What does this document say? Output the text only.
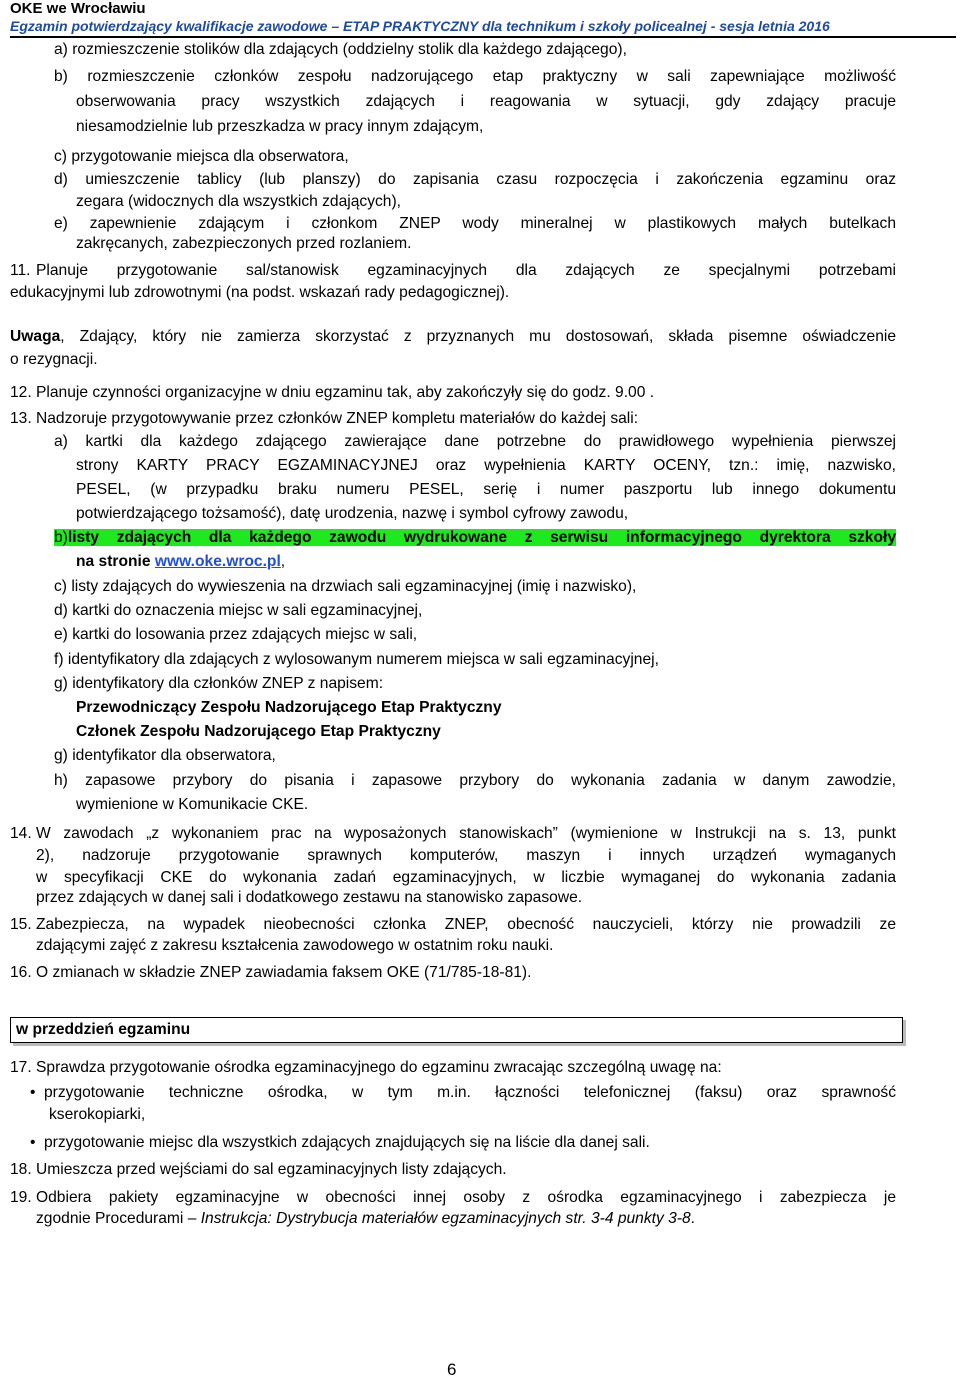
OKE we Wrocławiu
Egzamin potwierdzający kwalifikacje zawodowe – ETAP PRAKTYCZNY dla technikum i szkoły policealnej - sesja letnia 2016
a) rozmieszczenie stolików dla zdających (oddzielny stolik dla każdego zdającego),
b) rozmieszczenie członków zespołu nadzorującego etap praktyczny w sali zapewniające możliwość
obserwowania pracy wszystkich zdających i reagowania w sytuacji, gdy zdający pracuje
niesamodzielnie lub przeszkadza w pracy innym zdającym,
c) przygotowanie miejsca dla obserwatora,
d) umieszczenie tablicy (lub planszy) do zapisania czasu rozpoczęcia i zakończenia egzaminu oraz
zegara (widocznych dla wszystkich zdających),
e) zapewnienie zdającym i członkom ZNEP wody mineralnej w plastikowych małych butelkach
zakręcanych, zabezpieczonych przed rozlaniem.
11. Planuje przygotowanie sal/stanowisk egzaminacyjnych dla zdających ze specjalnymi potrzebami
edukacyjnymi lub zdrowotnymi (na podst. wskazań rady pedagogicznej).
Uwaga, Zdający, który nie zamierza skorzystać z przyznanych mu dostosowań, składa pisemne oświadczenie
o rezygnacji.
12. Planuje czynności organizacyjne w dniu egzaminu tak, aby zakończyły się do godz. 9.00 .
13. Nadzoruje przygotowywanie przez członków ZNEP kompletu materiałów do każdej sali:
a) kartki dla każdego zdającego zawierające dane potrzebne do prawidłowego wypełnienia pierwszej
strony KARTY PRACY EGZAMINACYJNEJ oraz wypełnienia KARTY OCENY, tzn.: imię, nazwisko,
PESEL, (w przypadku braku numeru PESEL, serię i numer paszportu lub innego dokumentu
potwierdzającego tożsamość), datę urodzenia, nazwę i symbol cyfrowy zawodu,
b)listy zdających dla każdego zawodu wydrukowane z serwisu informacyjnego dyrektora szkoły
na stronie www.oke.wroc.pl,
c) listy zdających do wywieszenia na drzwiach sali egzaminacyjnej (imię i nazwisko),
d) kartki do oznaczenia miejsc w sali egzaminacyjnej,
e) kartki do losowania przez zdających miejsc w sali,
f) identyfikatory dla zdających z wylosowanym numerem miejsca w sali egzaminacyjnej,
g) identyfikatory dla członków ZNEP z napisem:
Przewodniczący Zespołu Nadzorującego Etap Praktyczny
Członek Zespołu Nadzorującego Etap Praktyczny
g) identyfikator dla obserwatora,
h) zapasowe przybory do pisania i zapasowe przybory do wykonania zadania w danym zawodzie,
wymienione w Komunikacie CKE.
14. W zawodach „z wykonaniem prac na wyposażonych stanowiskach” (wymienione w Instrukcji na s. 13, punkt
2), nadzoruje przygotowanie sprawnych komputerów, maszyn i innych urządzeń wymaganych
w specyfikacji CKE do wykonania zadań egzaminacyjnych, w liczbie wymaganej do wykonania zadania
przez zdających w danej sali i dodatkowego zestawu na stanowisko zapasowe.
15. Zabezpiecza, na wypadek nieobecności członka ZNEP, obecność nauczycieli, którzy nie prowadzili ze
zdającymi zajęć z zakresu kształcenia zawodowego w ostatnim roku nauki.
16. O zmianach w składzie ZNEP zawiadamia faksem OKE (71/785-18-81).
w przeddzień egzaminu
17. Sprawdza przygotowanie ośrodka egzaminacyjnego do egzaminu zwracając szczególną uwagę na:
• przygotowanie techniczne ośrodka, w tym m.in. łączności telefonicznej (faksu) oraz sprawność
kserokopiarki,
• przygotowanie miejsc dla wszystkich zdających znajdujących się na liście dla danej sali.
18. Umieszcza przed wejściami do sal egzaminacyjnych listy zdających.
19. Odbiera pakiety egzaminacyjne w obecności innej osoby z ośrodka egzaminacyjnego i zabezpiecza je
zgodnie Procedurami – Instrukcja: Dystrybucja materiałów egzaminacyjnych str. 3-4 punkty 3-8.
6
